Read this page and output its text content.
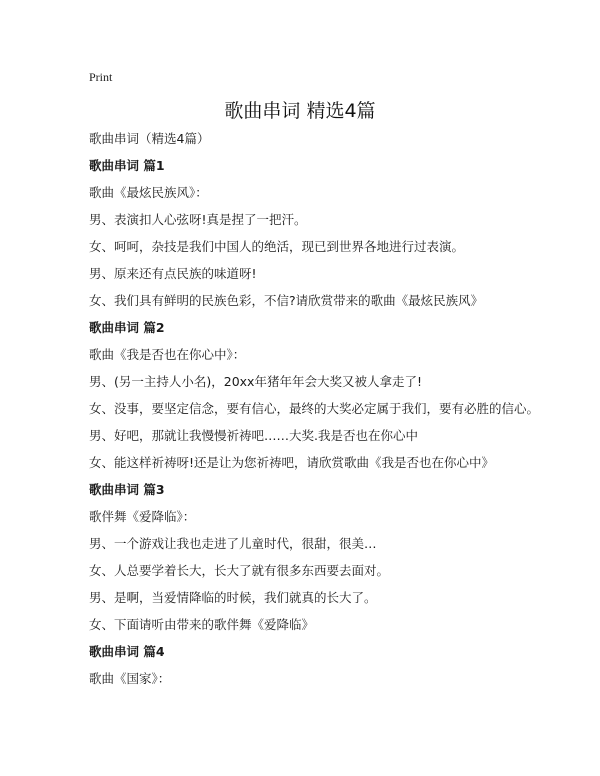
Print
歌曲串词 精选4篇
歌曲串词（精选4篇）
歌曲串词 篇1
歌曲《最炫民族风》：
男、表演扣人心弦呀!真是捏了一把汗。
女、呵呵，杂技是我们中国人的绝活，现已到世界各地进行过表演。
男、原来还有点民族的味道呀!
女、我们具有鲜明的民族色彩，不信?请欣赏带来的歌曲《最炫民族风》
歌曲串词 篇2
歌曲《我是否也在你心中》：
男、(另一主持人小名)，20xx年猪年年会大奖又被人拿走了!
女、没事，要坚定信念，要有信心，最终的大奖必定属于我们，要有必胜的信心。
男、好吧，那就让我慢慢祈祷吧……大奖.我是否也在你心中
女、能这样祈祷呀!还是让为您祈祷吧，请欣赏歌曲《我是否也在你心中》
歌曲串词 篇3
歌伴舞《爱降临》：
男、一个游戏让我也走进了儿童时代，很甜，很美…
女、人总要学着长大，长大了就有很多东西要去面对。
男、是啊，当爱情降临的时候，我们就真的长大了。
女、下面请听由带来的歌伴舞《爱降临》
歌曲串词 篇4
歌曲《国家》：
